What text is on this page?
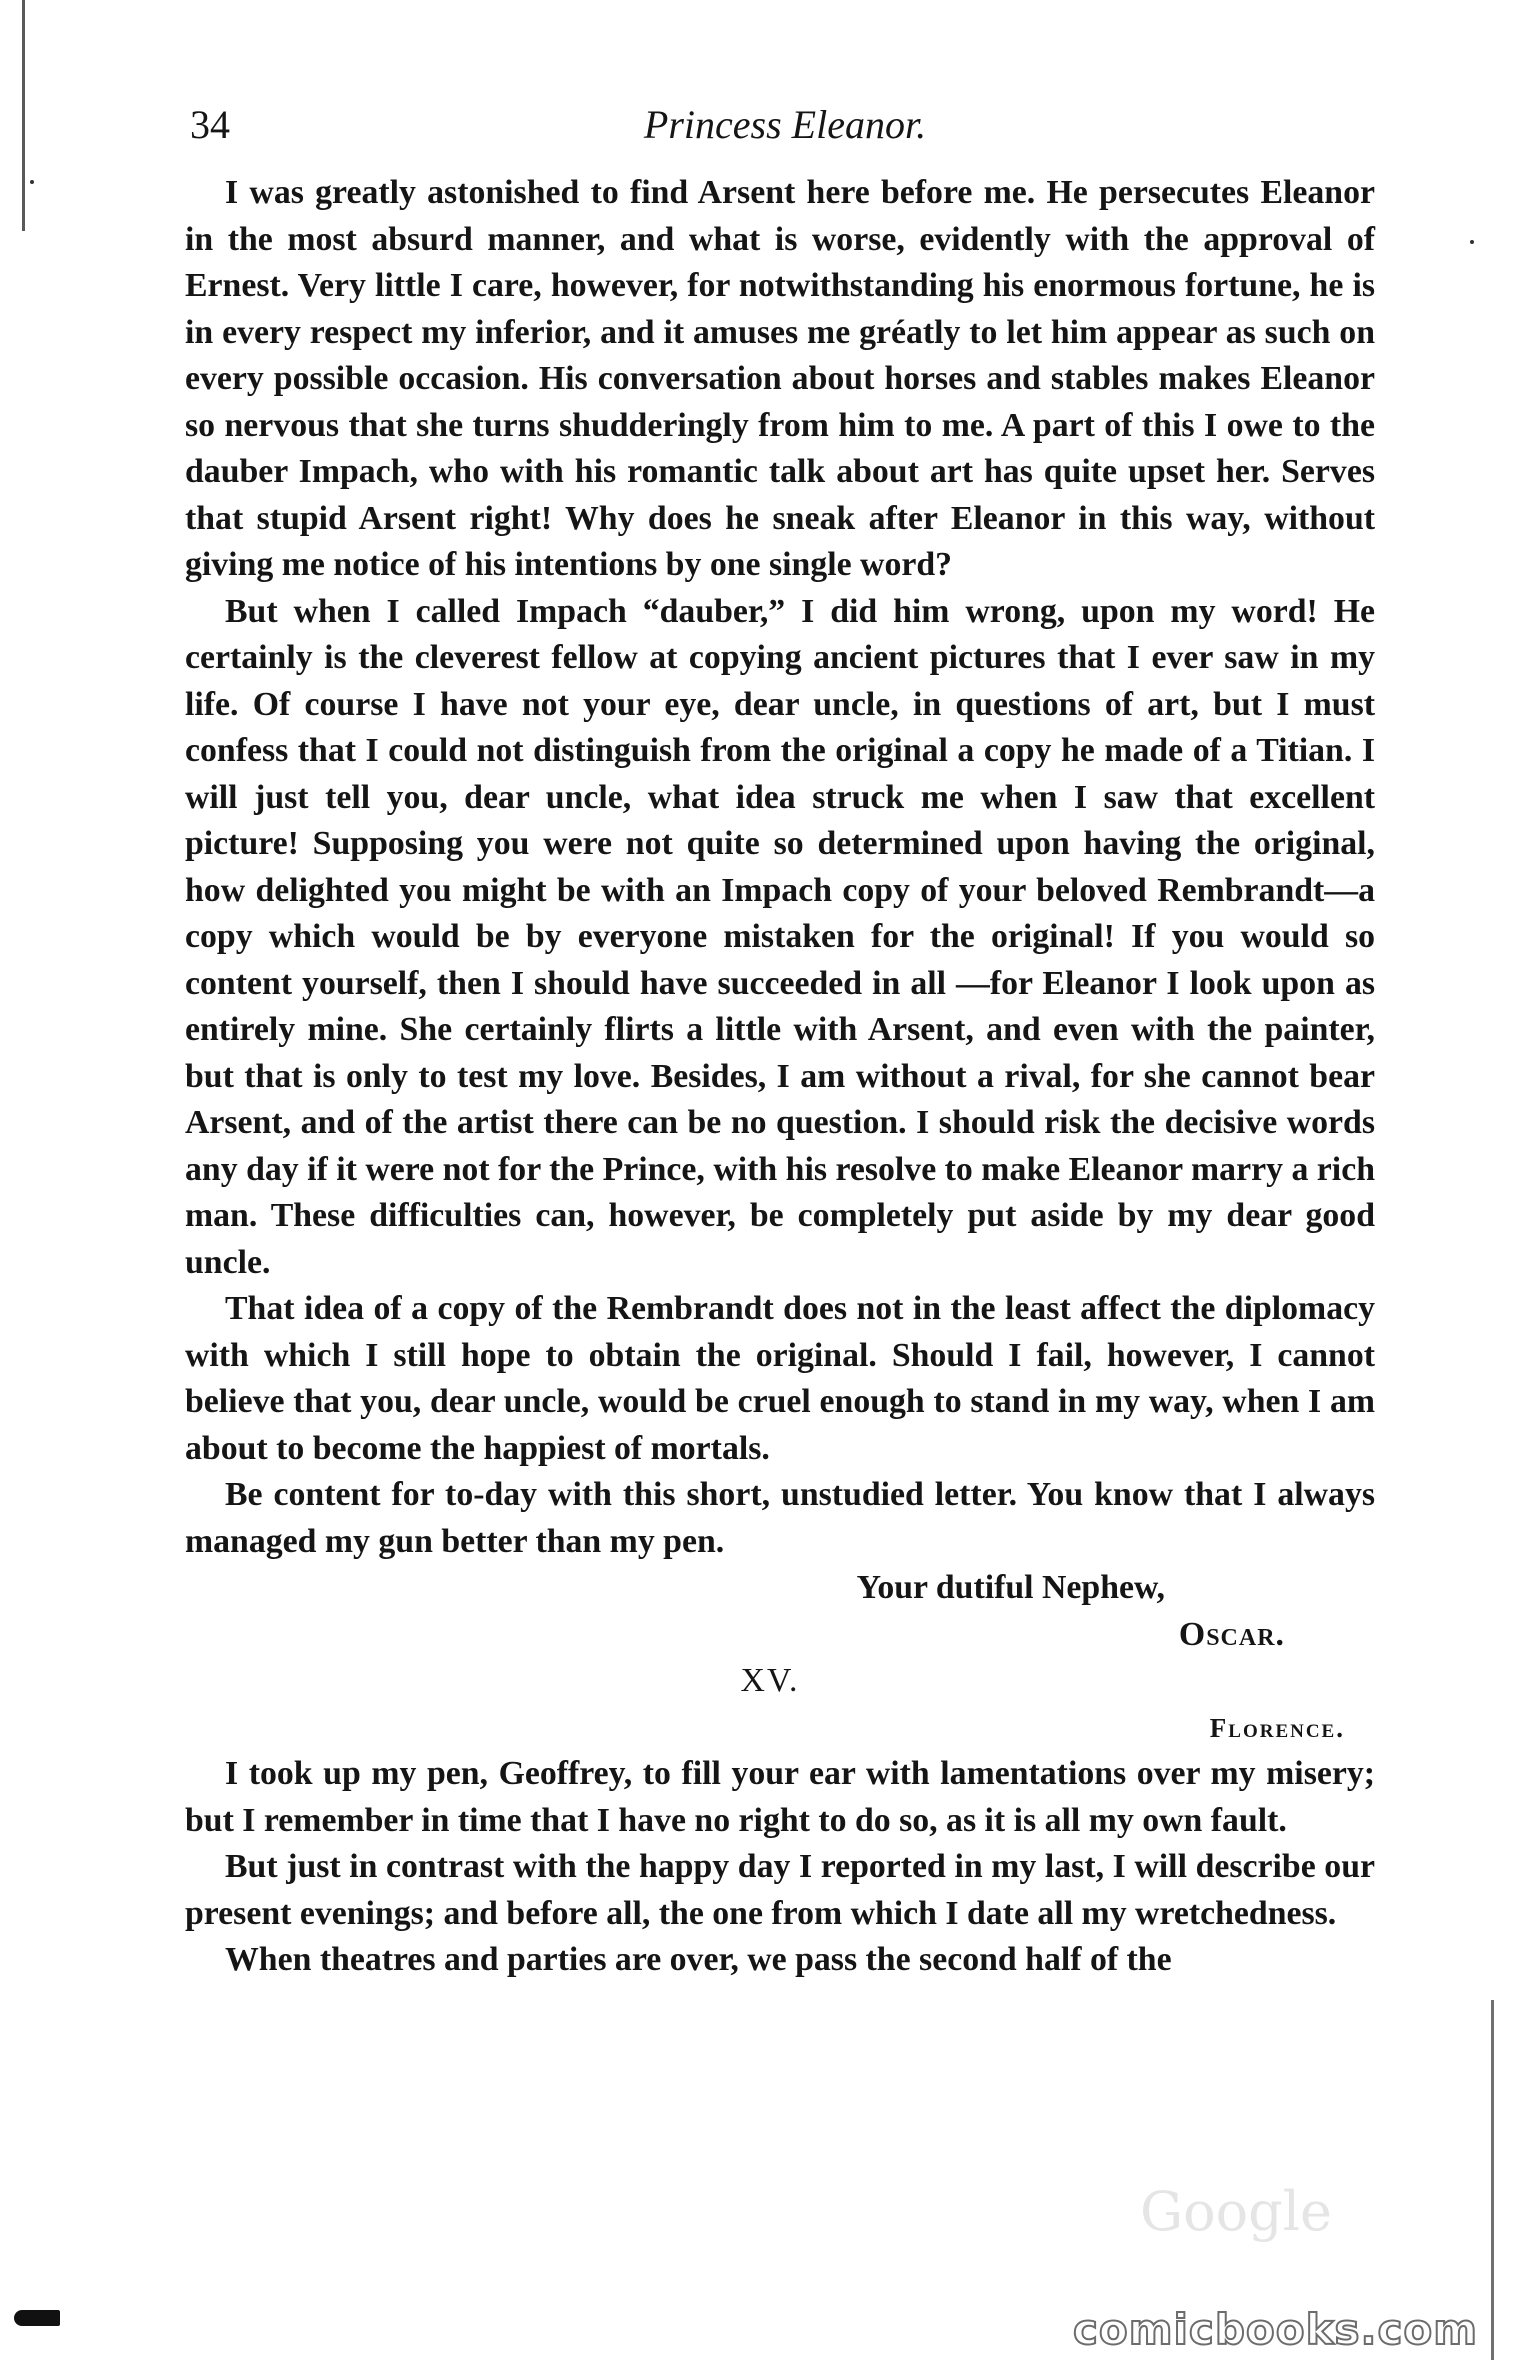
34	Princess Eleanor.

I was greatly astonished to find Arsent here before me. He persecutes Eleanor in the most absurd manner, and what is worse, evidently with the approval of Ernest. Very little I care, however, for notwithstanding his enormous fortune, he is in every respect my inferior, and it amuses me gréatly to let him appear as such on every possible occasion. His conversation about horses and stables makes Eleanor so nervous that she turns shudderingly from him to me. A part of this I owe to the dauber Impach, who with his romantic talk about art has quite upset her. Serves that stupid Arsent right! Why does he sneak after Eleanor in this way, without giving me notice of his intentions by one single word?

But when I called Impach “dauber,” I did him wrong, upon my word! He certainly is the cleverest fellow at copying ancient pictures that I ever saw in my life. Of course I have not your eye, dear uncle, in questions of art, but I must confess that I could not distinguish from the original a copy he made of a Titian. I will just tell you, dear uncle, what idea struck me when I saw that excellent picture! Supposing you were not quite so determined upon having the original, how delighted you might be with an Impach copy of your beloved Rembrandt—a copy which would be by everyone mistaken for the original! If you would so content yourself, then I should have succeeded in all —for Eleanor I look upon as entirely mine. She certainly flirts a little with Arsent, and even with the painter, but that is only to test my love. Besides, I am without a rival, for she cannot bear Arsent, and of the artist there can be no question. I should risk the decisive words any day if it were not for the Prince, with his resolve to make Eleanor marry a rich man. These difficulties can, however, be completely put aside by my dear good uncle.

That idea of a copy of the Rembrandt does not in the least affect the diplomacy with which I still hope to obtain the original. Should I fail, however, I cannot believe that you, dear uncle, would be cruel enough to stand in my way, when I am about to become the happiest of mortals.

Be content for to-day with this short, unstudied letter. You know that I always managed my gun better than my pen.

Your dutiful Nephew,

Oscar.

XV.

Florence.

I took up my pen, Geoffrey, to fill your ear with lamentations over my misery; but I remember in time that I have no right to do so, as it is all my own fault.

But just in contrast with the happy day I reported in my last, I will describe our present evenings; and before all, the one from which I date all my wretchedness.

When theatres and parties are over, we pass the second half of the

Google
comicbooks.com
